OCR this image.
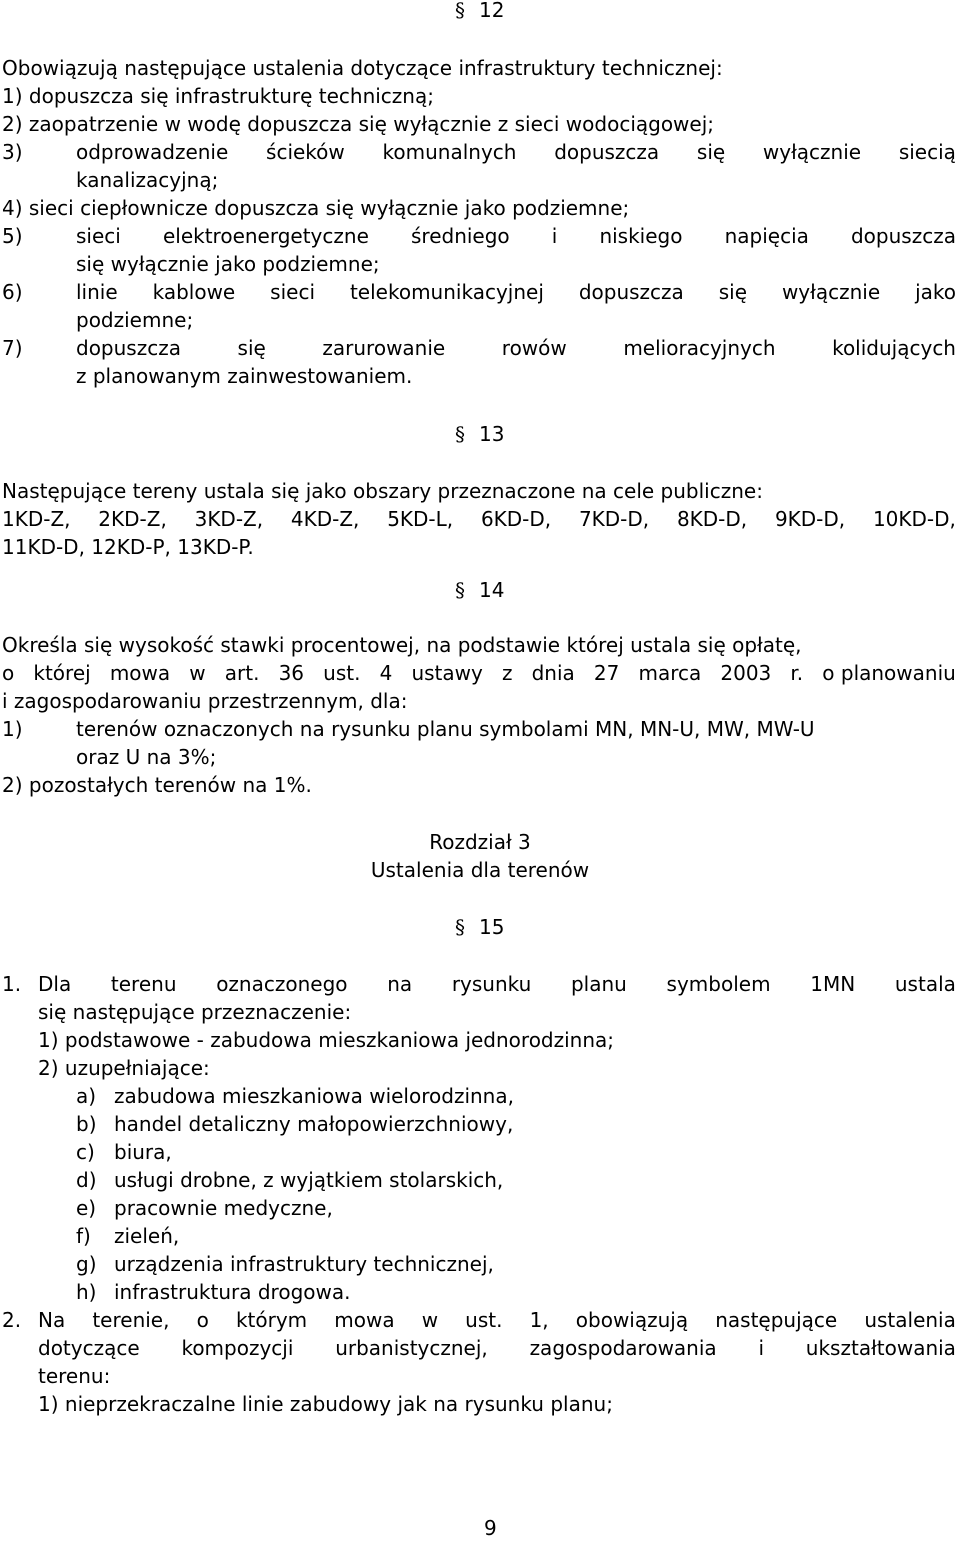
§ 12
Obowiązują następujące ustalenia dotyczące infrastruktury technicznej:
1) dopuszcza się infrastrukturę techniczną;
2) zaopatrzenie w wodę dopuszcza się wyłącznie z sieci wodociągowej;
3)	odprowadzenie ścieków komunalnych dopuszcza się wyłącznie siecią
kanalizacyjną;
4) sieci ciepłownicze dopuszcza się wyłącznie jako podziemne;
5)	sieci elektroenergetyczne średniego i niskiego napięcia dopuszcza
się wyłącznie jako podziemne;
6)	linie kablowe sieci telekomunikacyjnej dopuszcza się wyłącznie jako
podziemne;
7)	dopuszcza	się	zarurowanie	rowów	melioracyjnych	kolidujących
z planowanym zainwestowaniem.
§ 13
Następujące tereny ustala się jako obszary przeznaczone na cele publiczne:
1KD-Z, 2KD-Z, 3KD-Z, 4KD-Z, 5KD-L, 6KD-D, 7KD-D, 8KD-D, 9KD-D, 10KD-D,
11KD-D, 12KD-P, 13KD-P.
§ 14
Określa się wysokość stawki procentowej, na podstawie której ustala się opłatę,
o której mowa w art. 36 ust. 4 ustawy z dnia 27 marca 2003 r. o planowaniu
i zagospodarowaniu przestrzennym, dla:
1)	terenów oznaczonych na rysunku planu symbolami MN, MN-U, MW, MW-U
oraz U na 3%;
2) pozostałych terenów na 1%.
Rozdział 3
Ustalenia dla terenów
§ 15
1. Dla terenu oznaczonego na rysunku planu symbolem 1MN ustala
się następujące przeznaczenie:
1) podstawowe - zabudowa mieszkaniowa jednorodzinna;
2) uzupełniające:
a) zabudowa mieszkaniowa wielorodzinna,
b) handel detaliczny małopowierzchniowy,
c) biura,
d) usługi drobne, z wyjątkiem stolarskich,
e) pracownie medyczne,
f) zieleń,
g) urządzenia infrastruktury technicznej,
h) infrastruktura drogowa.
2. Na terenie, o którym mowa w ust. 1, obowiązują następujące ustalenia
dotyczące kompozycji urbanistycznej, zagospodarowania i ukształtowania
terenu:
1) nieprzekraczalne linie zabudowy jak na rysunku planu;
9
